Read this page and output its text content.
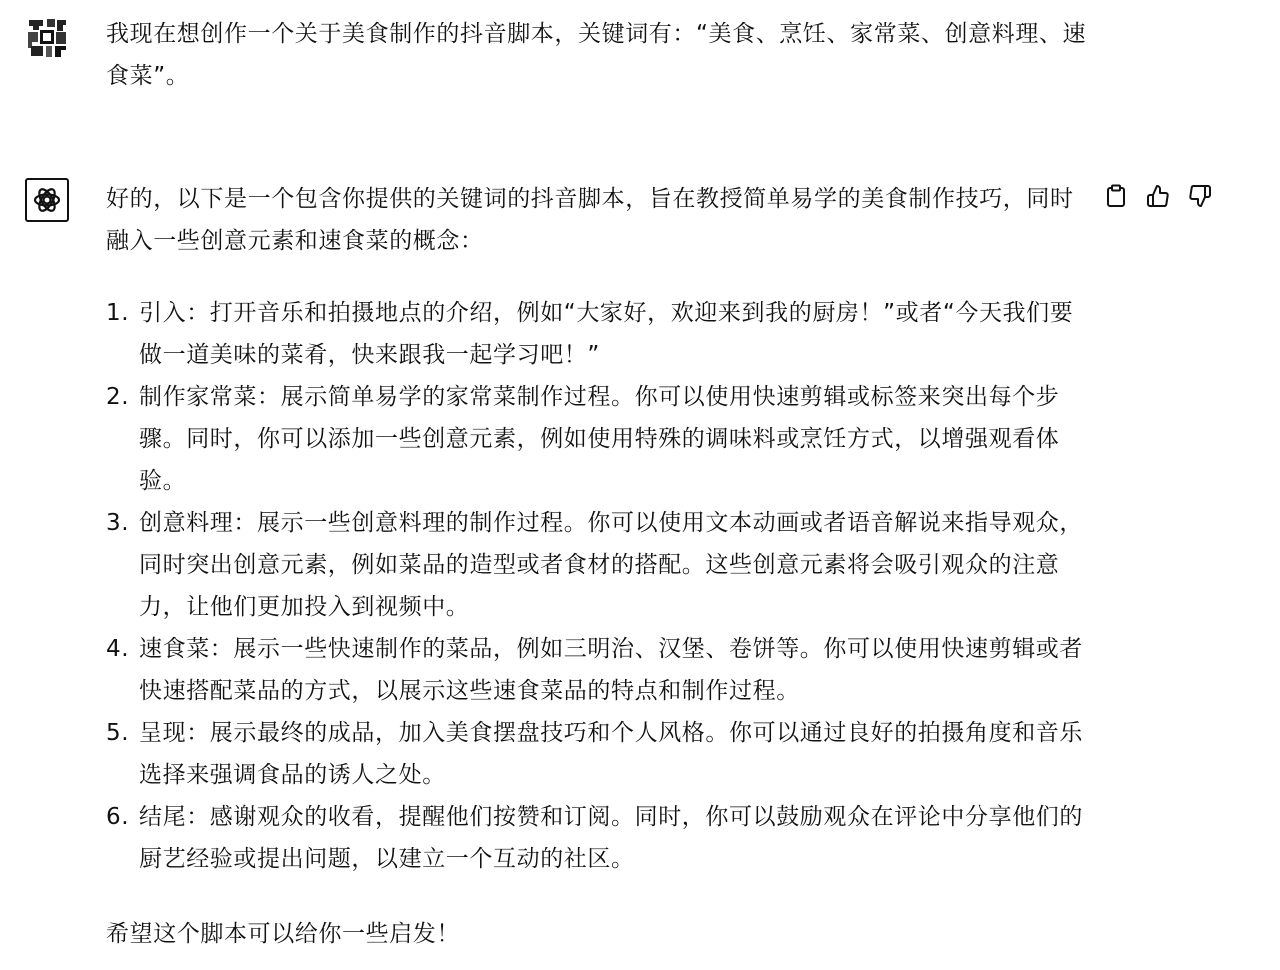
我现在想创作一个关于美食制作的抖音脚本，关键词有：“美食、烹饪、家常菜、创意料理、速食菜”。
好的，以下是一个包含你提供的关键词的抖音脚本，旨在教授简单易学的美食制作技巧，同时融入一些创意元素和速食菜的概念：
1. 引入：打开音乐和拍摄地点的介绍，例如“大家好，欢迎来到我的厨房！”或者“今天我们要做一道美味的菜肴，快来跟我一起学习吧！”
2. 制作家常菜：展示简单易学的家常菜制作过程。你可以使用快速剪辑或标签来突出每个步骤。同时，你可以添加一些创意元素，例如使用特殊的调味料或烹饪方式，以增强观看体验。
3. 创意料理：展示一些创意料理的制作过程。你可以使用文本动画或者语音解说来指导观众，同时突出创意元素，例如菜品的造型或者食材的搭配。这些创意元素将会吸引观众的注意力，让他们更加投入到视频中。
4. 速食菜：展示一些快速制作的菜品，例如三明治、汉堡、卷饼等。你可以使用快速剪辑或者快速搭配菜品的方式，以展示这些速食菜品的特点和制作过程。
5. 呈现：展示最终的成品，加入美食摆盘技巧和个人风格。你可以通过良好的拍摄角度和音乐选择来强调食品的诱人之处。
6. 结尾：感谢观众的收看，提醒他们按赞和订阅。同时，你可以鼓励观众在评论中分享他们的厨艺经验或提出问题，以建立一个互动的社区。
希望这个脚本可以给你一些启发！
